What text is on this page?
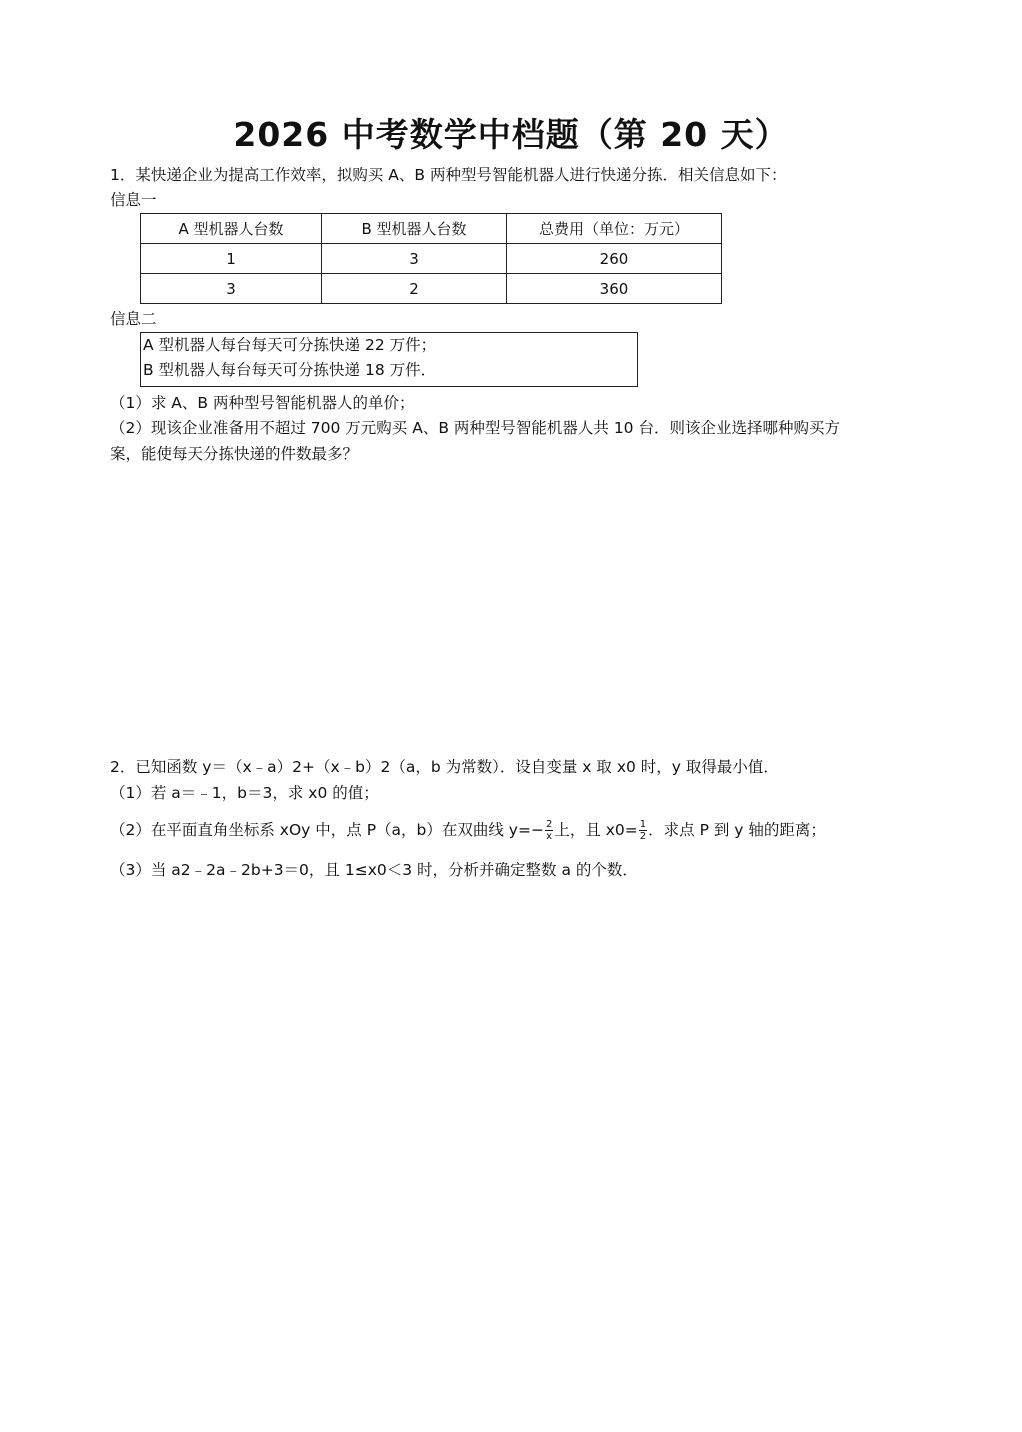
2026 中考数学中档题（第 20 天）
1．某快递企业为提高工作效率，拟购买 A、B 两种型号智能机器人进行快递分拣．相关信息如下：
信息一
A 型机器人台数	B 型机器人台数	总费用（单位：万元）
1	3	260
3	2	360
信息二
A 型机器人每台每天可分拣快递 22 万件；
B 型机器人每台每天可分拣快递 18 万件．
（1）求 A、B 两种型号智能机器人的单价；
（2）现该企业准备用不超过 700 万元购买 A、B 两种型号智能机器人共 10 台．则该企业选择哪种购买方
案，能使每天分拣快递的件数最多？
2．已知函数 y＝（x﹣a）2+（x﹣b）2（a，b 为常数）．设自变量 x 取 x0 时，y 取得最小值．
（1）若 a＝﹣1，b＝3，求 x0 的值；
（2）在平面直角坐标系 xOy 中，点 P（a，b）在双曲线 $y=- \frac{2}{x}$ 上，且 $x0= \frac{1}{2}$ ．求点 P 到 y 轴的距离；
（3）当 a2﹣2a﹣2b+3＝0，且 1≤x0＜3 时，分析并确定整数 a 的个数．
